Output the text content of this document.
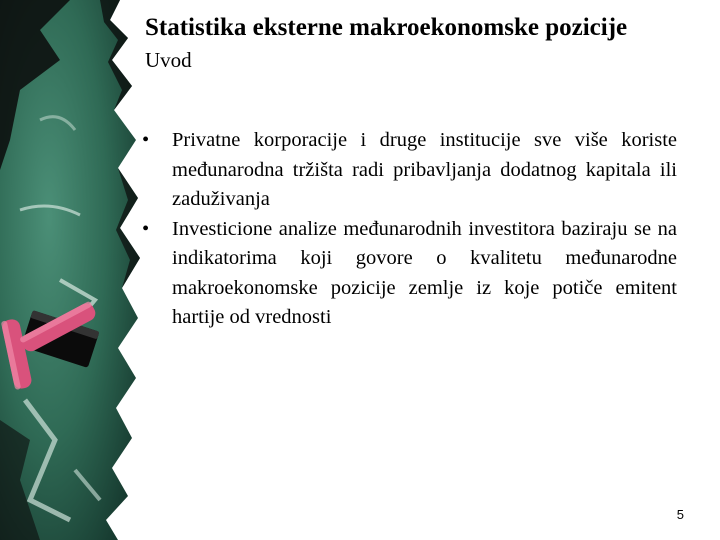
Statistika eksterne makroekonomske pozicije
Uvod
•	Privatne korporacije i druge institucije sve više koriste međunarodna tržišta radi pribavljanja dodatnog kapitala ili zaduživanja
•	Investicione analize međunarodnih investitora baziraju se na indikatorima koji govore o kvalitetu međunarodne makroekonomske pozicije zemlje iz koje potiče emitent hartije od vrednosti
5
